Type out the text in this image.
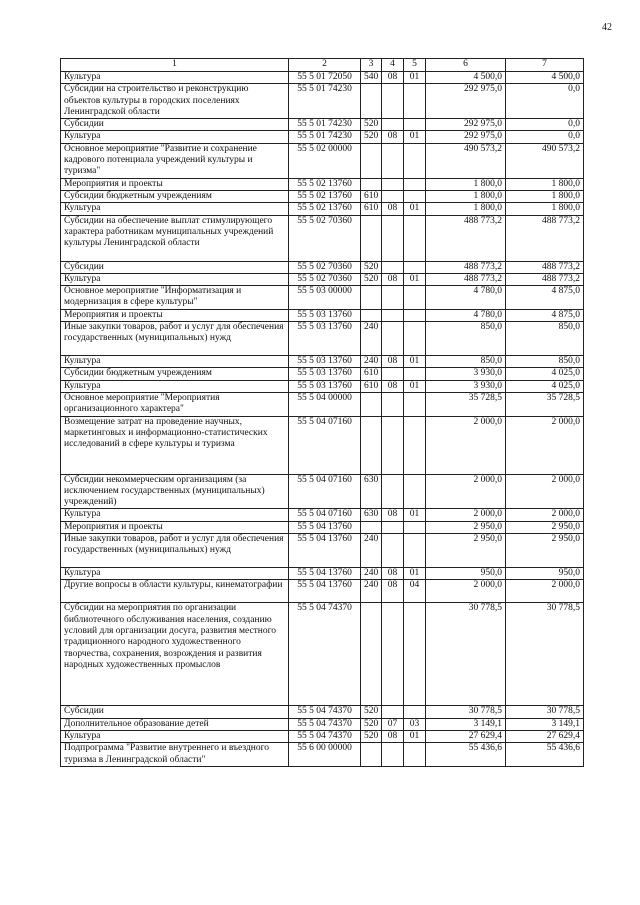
42
1	2	3	4	5	6	7
Культура	55 5 01 72050	540	08	01	4 500,0	4 500,0
Субсидии на строительство и реконструкцию объектов культуры в городских поселениях Ленинградской области	55 5 01 74230				292 975,0	0,0
Субсидии	55 5 01 74230	520			292 975,0	0,0
Культура	55 5 01 74230	520	08	01	292 975,0	0,0
Основное мероприятие "Развитие и сохранение кадрового потенциала учреждений культуры и туризма"	55 5 02 00000				490 573,2	490 573,2
Мероприятия и проекты	55 5 02 13760				1 800,0	1 800,0
Субсидии бюджетным учреждениям	55 5 02 13760	610			1 800,0	1 800,0
Культура	55 5 02 13760	610	08	01	1 800,0	1 800,0
Субсидии на обеспечение выплат стимулирующего характера работникам муниципальных учреждений культуры Ленинградской области	55 5 02 70360				488 773,2	488 773,2
Субсидии	55 5 02 70360	520			488 773,2	488 773,2
Культура	55 5 02 70360	520	08	01	488 773,2	488 773,2
Основное мероприятие "Информатизация и модернизация в сфере культуры"	55 5 03 00000				4 780,0	4 875,0
Мероприятия и проекты	55 5 03 13760				4 780,0	4 875,0
Иные закупки товаров, работ и услуг для обеспечения государственных (муниципальных) нужд	55 5 03 13760	240			850,0	850,0
Культура	55 5 03 13760	240	08	01	850,0	850,0
Субсидии бюджетным учреждениям	55 5 03 13760	610			3 930,0	4 025,0
Культура	55 5 03 13760	610	08	01	3 930,0	4 025,0
Основное мероприятие "Мероприятия организационного характера"	55 5 04 00000				35 728,5	35 728,5
Возмещение затрат на проведение научных, маркетинговых и информационно-статистических исследований в сфере культуры и туризма	55 5 04 07160				2 000,0	2 000,0
Субсидии некоммерческим организациям (за исключением государственных (муниципальных) учреждений)	55 5 04 07160	630			2 000,0	2 000,0
Культура	55 5 04 07160	630	08	01	2 000,0	2 000,0
Мероприятия и проекты	55 5 04 13760				2 950,0	2 950,0
Иные закупки товаров, работ и услуг для обеспечения государственных (муниципальных) нужд	55 5 04 13760	240			2 950,0	2 950,0
Культура	55 5 04 13760	240	08	01	950,0	950,0
Другие вопросы в области культуры, кинематографии	55 5 04 13760	240	08	04	2 000,0	2 000,0
Субсидии на мероприятия по организации библиотечного обслуживания населения, созданию условий для организации досуга, развития местного традиционного народного художественного творчества, сохранения, возрождения и развития народных художественных промыслов	55 5 04 74370				30 778,5	30 778,5
Субсидии	55 5 04 74370	520			30 778,5	30 778,5
Дополнительное образование детей	55 5 04 74370	520	07	03	3 149,1	3 149,1
Культура	55 5 04 74370	520	08	01	27 629,4	27 629,4
Подпрограмма "Развитие внутреннего и въездного туризма в Ленинградской области"	55 6 00 00000				55 436,6	55 436,6
